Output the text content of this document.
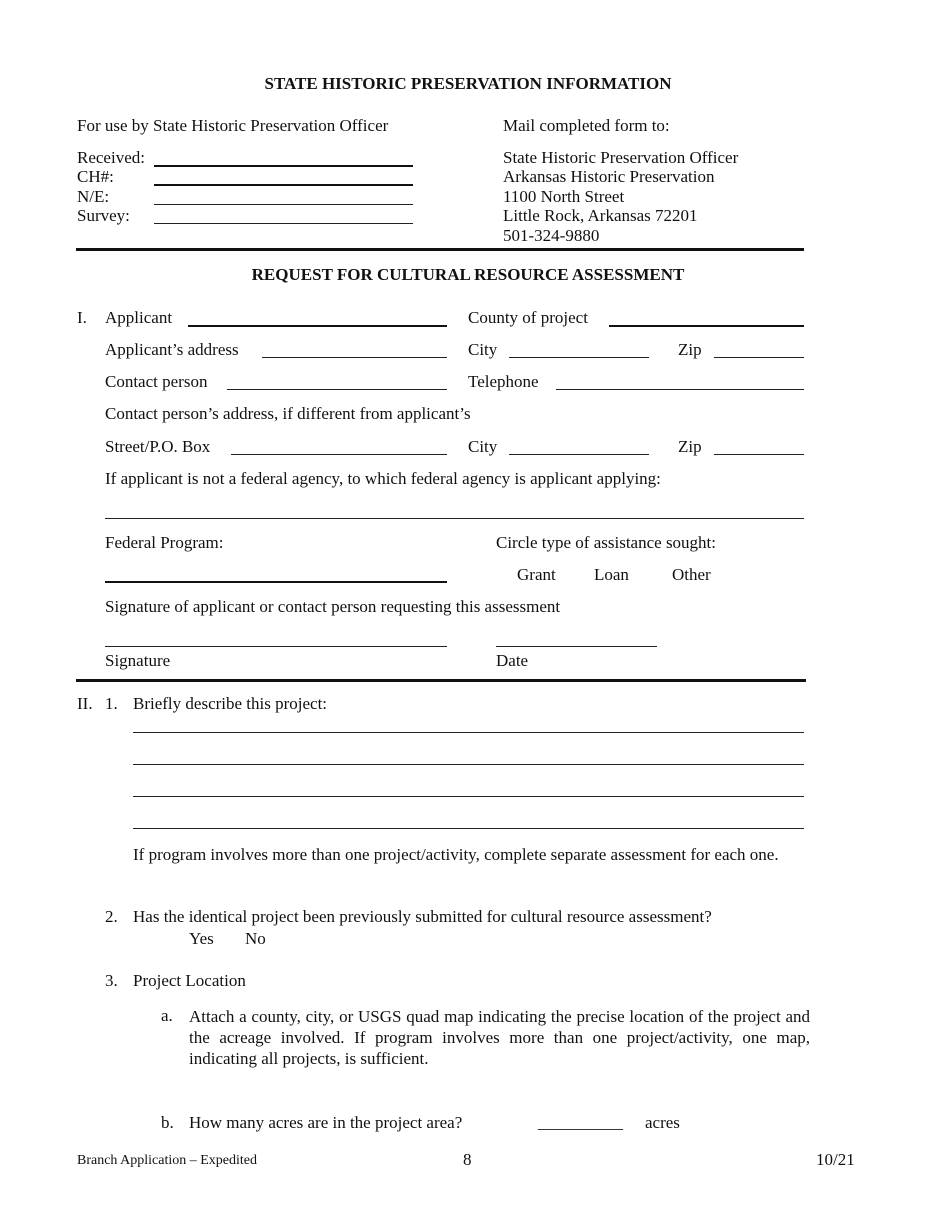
STATE HISTORIC PRESERVATION INFORMATION
For use by State Historic Preservation Officer
Received:
CH#:
N/E:
Survey:
Mail completed form to:
State Historic Preservation Officer
Arkansas Historic Preservation
1100 North Street
Little Rock, Arkansas 72201
501-324-9880
REQUEST FOR CULTURAL RESOURCE ASSESSMENT
I. Applicant	County of project
Applicant’s address	City	Zip
Contact person	Telephone
Contact person’s address, if different from applicant’s
Street/P.O. Box	City	Zip
If applicant is not a federal agency, to which federal agency is applicant applying:
Federal Program:	Circle type of assistance sought:
Grant Loan	Other
Signature of applicant or contact person requesting this assessment
Signature	Date
II. 1. Briefly describe this project:
If program involves more than one project/activity, complete separate assessment for each one.
2. Has the identical project been previously submitted for cultural resource assessment?
Yes No
3. Project Location
a. Attach a county, city, or USGS quad map indicating the precise location of the project and the acreage involved. If program involves more than one project/activity, one map, indicating all projects, is sufficient.
b. How many acres are in the project area?	__________ acres
Branch Application – Expedited	8	10/21
